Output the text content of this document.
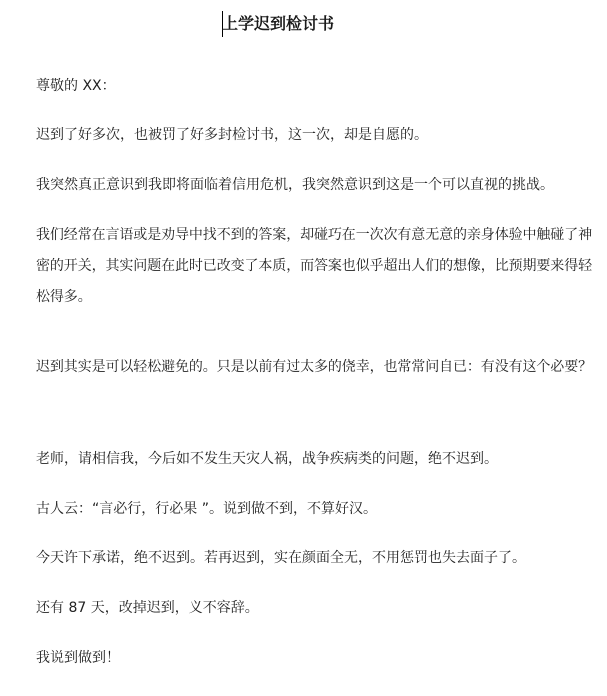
上学迟到检讨书
尊敬的 XX：
迟到了好多次，也被罚了好多封检讨书，这一次，却是自愿的。
我突然真正意识到我即将面临着信用危机，我突然意识到这是一个可以直视的挑战。
我们经常在言语或是劝导中找不到的答案，却碰巧在一次次有意无意的亲身体验中触碰了神密的开关，其实问题在此时已改变了本质，而答案也似乎超出人们的想像，比预期要来得轻松得多。
迟到其实是可以轻松避免的。只是以前有过太多的侥幸，也常常问自已：有没有这个必要？
老师，请相信我，今后如不发生天灾人祸，战争疾病类的问题，绝不迟到。
古人云：“言必行，行必果 ”。说到做不到，不算好汉。
今天许下承诺，绝不迟到。若再迟到，实在颜面全无，不用惩罚也失去面子了。
还有 87 天，改掉迟到，义不容辞。
我说到做到！
